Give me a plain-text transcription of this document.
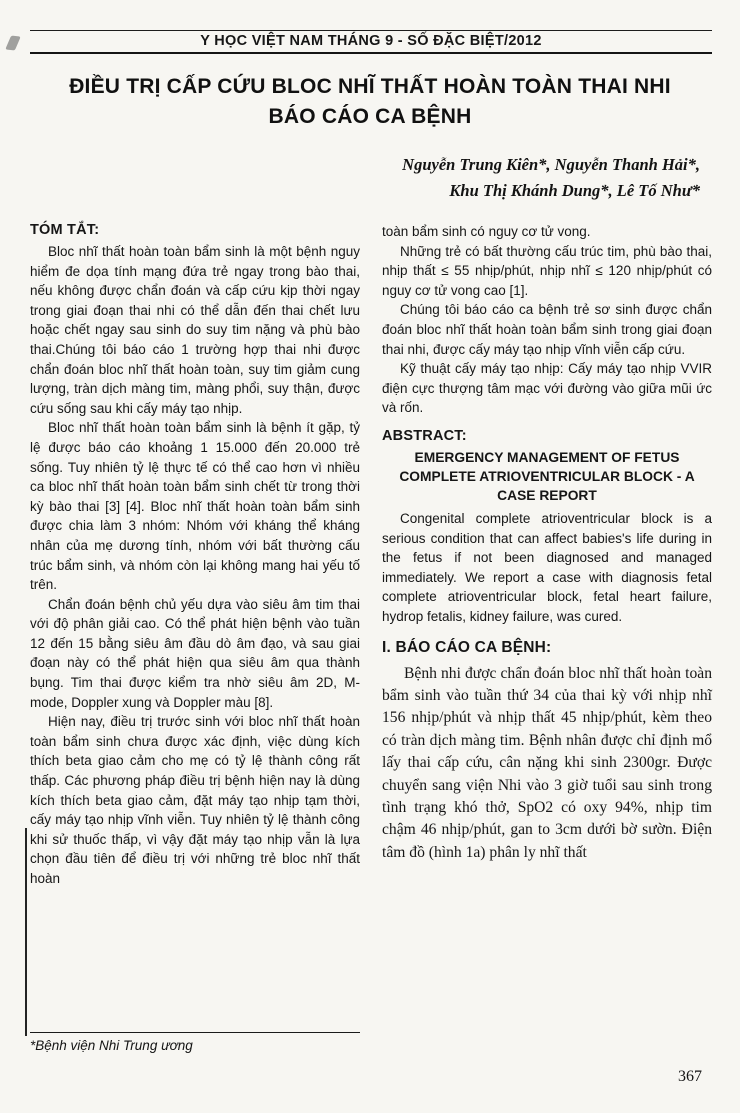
Y HỌC VIỆT NAM THÁNG 9 - SỐ ĐẶC BIỆT/2012
ĐIỀU TRỊ CẤP CỨU BLOC NHĨ THẤT HOÀN TOÀN THAI NHI
BÁO CÁO CA BỆNH
Nguyễn Trung Kiên*, Nguyễn Thanh Hải*,
Khu Thị Khánh Dung*, Lê Tố Như*
TÓM TẮT:

Bloc nhĩ thất hoàn toàn bẩm sinh là một bệnh nguy hiểm đe dọa tính mạng đứa trẻ ngay trong bào thai, nếu không được chẩn đoán và cấp cứu kịp thời ngay trong giai đoạn thai nhi có thể dẫn đến thai chết lưu hoặc chết ngay sau sinh do suy tim nặng và phù bào thai.Chúng tôi báo cáo 1 trường hợp thai nhi được chẩn đoán bloc nhĩ thất hoàn toàn, suy tim giảm cung lượng, tràn dịch màng tim, màng phổi, suy thận, được cứu sống sau khi cấy máy tạo nhịp.

Bloc nhĩ thất hoàn toàn bẩm sinh là bệnh ít gặp, tỷ lệ được báo cáo khoảng 1 15.000 đến 20.000 trẻ sống. Tuy nhiên tỷ lệ thực tế có thể cao hơn vì nhiều ca bloc nhĩ thất hoàn toàn bẩm sinh chết từ trong thời kỳ bào thai [3] [4]. Bloc nhĩ thất hoàn toàn bẩm sinh được chia làm 3 nhóm: Nhóm với kháng thể kháng nhân của mẹ dương tính, nhóm với bất thường cấu trúc bẩm sinh, và nhóm còn lại không mang hai yếu tố trên.

Chẩn đoán bệnh chủ yếu dựa vào siêu âm tim thai với độ phân giải cao. Có thể phát hiện bệnh vào tuần 12 đến 15 bằng siêu âm đầu dò âm đạo, và sau giai đoạn này có thể phát hiện qua siêu âm qua thành bụng. Tim thai được kiểm tra nhờ siêu âm 2D, M-mode, Doppler xung và Doppler màu [8].

Hiện nay, điều trị trước sinh với bloc nhĩ thất hoàn toàn bẩm sinh chưa được xác định, việc dùng kích thích beta giao cảm cho mẹ có tỷ lệ thành công rất thấp. Các phương pháp điều trị bệnh hiện nay là dùng kích thích beta giao cảm, đặt máy tạo nhịp tạm thời, cấy máy tạo nhịp vĩnh viễn. Tuy nhiên tỷ lệ thành công khi sử thuốc thấp, vì vậy đặt máy tạo nhịp vẫn là lựa chọn đầu tiên để điều trị với những trẻ bloc nhĩ thất hoàn

toàn bẩm sinh có nguy cơ tử vong.

Những trẻ có bất thường cấu trúc tim, phù bào thai, nhịp thất ≤ 55 nhịp/phút, nhịp nhĩ ≤ 120 nhịp/phút có nguy cơ tử vong cao [1].

Chúng tôi báo cáo ca bệnh trẻ sơ sinh được chẩn đoán bloc nhĩ thất hoàn toàn bẩm sinh trong giai đoạn thai nhi, được cấy máy tạo nhịp vĩnh viễn cấp cứu.

Kỹ thuật cấy máy tạo nhịp: Cấy máy tạo nhịp VVIR điện cực thượng tâm mạc với đường vào giữa mũi ức và rốn.

ABSTRACT:
EMERGENCY MANAGEMENT OF FETUS COMPLETE ATRIOVENTRICULAR BLOCK - A CASE REPORT

Congenital complete atrioventricular block is a serious condition that can affect babies's life during in the fetus if not been diagnosed and managed immediately. We report a case with diagnosis fetal complete atrioventricular block, fetal heart failure, hydrop fetalis, kidney failure, was cured.

I. BÁO CÁO CA BỆNH:

Bệnh nhi được chẩn đoán bloc nhĩ thất hoàn toàn bẩm sinh vào tuần thứ 34 của thai kỳ với nhịp nhĩ 156 nhịp/phút và nhịp thất 45 nhịp/phút, kèm theo có tràn dịch màng tim. Bệnh nhân được chỉ định mổ lấy thai cấp cứu, cân nặng khi sinh 2300gr. Được chuyển sang viện Nhi vào 3 giờ tuổi sau sinh trong tình trạng khó thở, SpO2 có oxy 94%, nhịp tim chậm 46 nhịp/phút, gan to 3cm dưới bờ sườn. Điện tâm đồ (hình 1a) phân ly nhĩ thất

*Bệnh viện Nhi Trung ương
367
